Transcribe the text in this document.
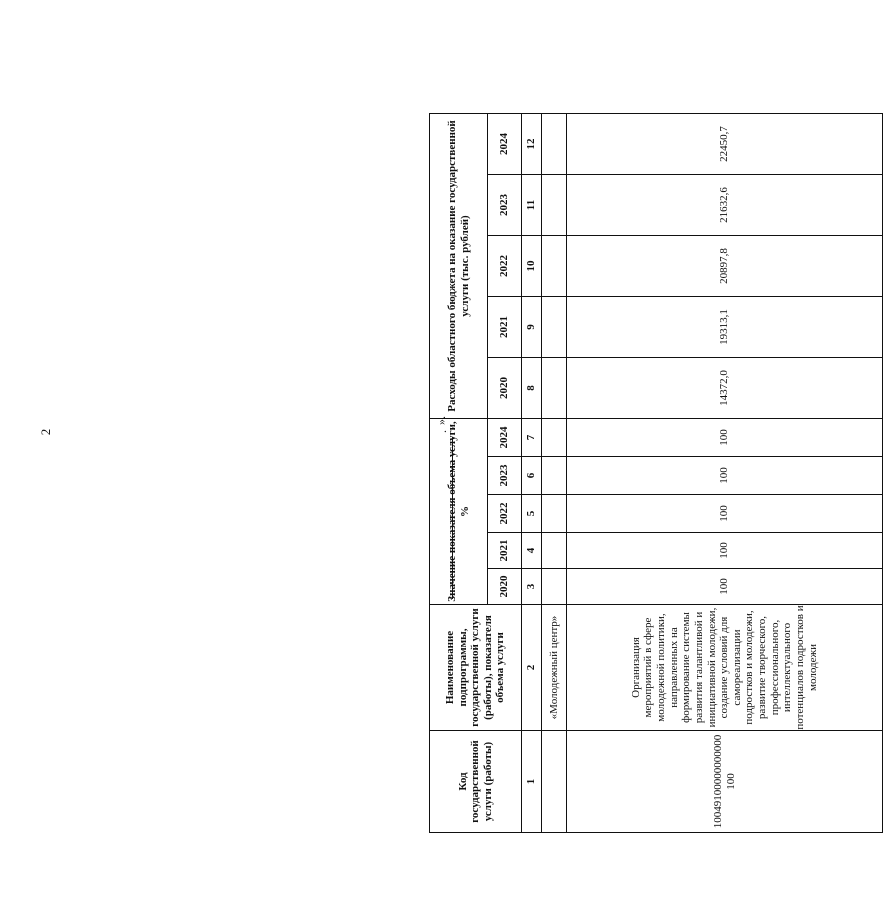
2
Код государственной услуги (работы)	Наименование подпрограммы, государственной услуги (работы), показателя объема услуги	Значение показателя объема услуги, %					Расходы областного бюджета на оказание государственной услуги (тыс. рублей)				
		2020	2021	2022	2023	2024	2020	2021	2022	2023	2024
1	2	3	4	5	6	7	8	9	10	11	12
	«Молодежный центр»										
10049100000000000100	Организация мероприятий в сфере молодежной политики, направленных на формирование системы развития талантливой и инициативной молодежи, создание условий для самореализации подростков и молодежи, развитие творческого, профессионального, интеллектуального потенциалов подростков и молодежи	100	100	100	100	100	14372,0	19313,1	20897,8	21632,6	22450,7
.
».
